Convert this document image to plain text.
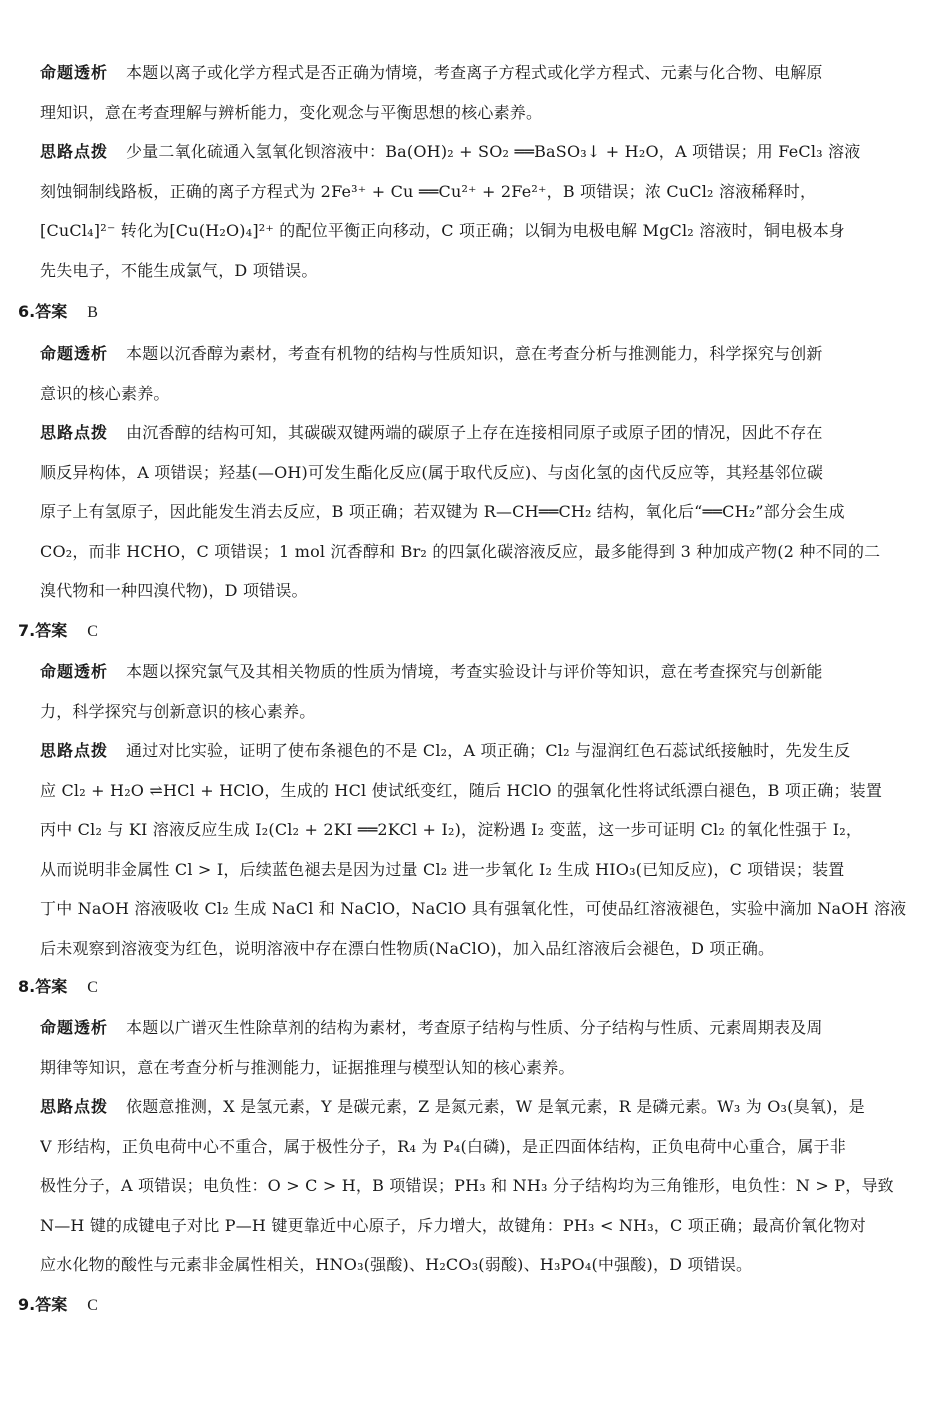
命题透析 本题以离子或化学方程式是否正确为情境，考查离子方程式或化学方程式、元素与化合物、电解原
理知识，意在考查理解与辨析能力，变化观念与平衡思想的核心素养。
思路点拨 少量二氧化硫通入氢氧化钡溶液中：Ba(OH)₂ + SO₂ ══BaSO₃↓ + H₂O，A 项错误；用 FeCl₃ 溶液
刻蚀铜制线路板，正确的离子方程式为 2Fe³⁺ + Cu ══Cu²⁺ + 2Fe²⁺，B 项错误；浓 CuCl₂ 溶液稀释时，
[CuCl₄]²⁻ 转化为[Cu(H₂O)₄]²⁺ 的配位平衡正向移动，C 项正确；以铜为电极电解 MgCl₂ 溶液时，铜电极本身
先失电子，不能生成氯气，D 项错误。
6.答案 B
命题透析 本题以沉香醇为素材，考查有机物的结构与性质知识，意在考查分析与推测能力，科学探究与创新
意识的核心素养。
思路点拨 由沉香醇的结构可知，其碳碳双键两端的碳原子上存在连接相同原子或原子团的情况，因此不存在
顺反异构体，A 项错误；羟基(—OH)可发生酯化反应(属于取代反应)、与卤化氢的卤代反应等，其羟基邻位碳
原子上有氢原子，因此能发生消去反应，B 项正确；若双键为 R—CH══CH₂ 结构，氧化后“══CH₂”部分会生成
CO₂，而非 HCHO，C 项错误；1 mol 沉香醇和 Br₂ 的四氯化碳溶液反应，最多能得到 3 种加成产物(2 种不同的二
溴代物和一种四溴代物)，D 项错误。
7.答案 C
命题透析 本题以探究氯气及其相关物质的性质为情境，考查实验设计与评价等知识，意在考查探究与创新能
力，科学探究与创新意识的核心素养。
思路点拨 通过对比实验，证明了使布条褪色的不是 Cl₂，A 项正确；Cl₂ 与湿润红色石蕊试纸接触时，先发生反
应 Cl₂ + H₂O ⇌HCl + HClO，生成的 HCl 使试纸变红，随后 HClO 的强氧化性将试纸漂白褪色，B 项正确；装置
丙中 Cl₂ 与 KI 溶液反应生成 I₂(Cl₂ + 2KI ══2KCl + I₂)，淀粉遇 I₂ 变蓝，这一步可证明 Cl₂ 的氧化性强于 I₂，
从而说明非金属性 Cl > I，后续蓝色褪去是因为过量 Cl₂ 进一步氧化 I₂ 生成 HIO₃(已知反应)，C 项错误；装置
丁中 NaOH 溶液吸收 Cl₂ 生成 NaCl 和 NaClO，NaClO 具有强氧化性，可使品红溶液褪色，实验中滴加 NaOH 溶液
后未观察到溶液变为红色，说明溶液中存在漂白性物质(NaClO)，加入品红溶液后会褪色，D 项正确。
8.答案 C
命题透析 本题以广谱灭生性除草剂的结构为素材，考查原子结构与性质、分子结构与性质、元素周期表及周
期律等知识，意在考查分析与推测能力，证据推理与模型认知的核心素养。
思路点拨 依题意推测，X 是氢元素，Y 是碳元素，Z 是氮元素，W 是氧元素，R 是磷元素。W₃ 为 O₃(臭氧)，是
V 形结构，正负电荷中心不重合，属于极性分子，R₄ 为 P₄(白磷)，是正四面体结构，正负电荷中心重合，属于非
极性分子，A 项错误；电负性：O > C > H，B 项错误；PH₃ 和 NH₃ 分子结构均为三角锥形，电负性：N > P，导致
N—H 键的成键电子对比 P—H 键更靠近中心原子，斥力增大，故键角：PH₃ < NH₃，C 项正确；最高价氧化物对
应水化物的酸性与元素非金属性相关，HNO₃(强酸)、H₂CO₃(弱酸)、H₃PO₄(中强酸)，D 项错误。
9.答案 C
